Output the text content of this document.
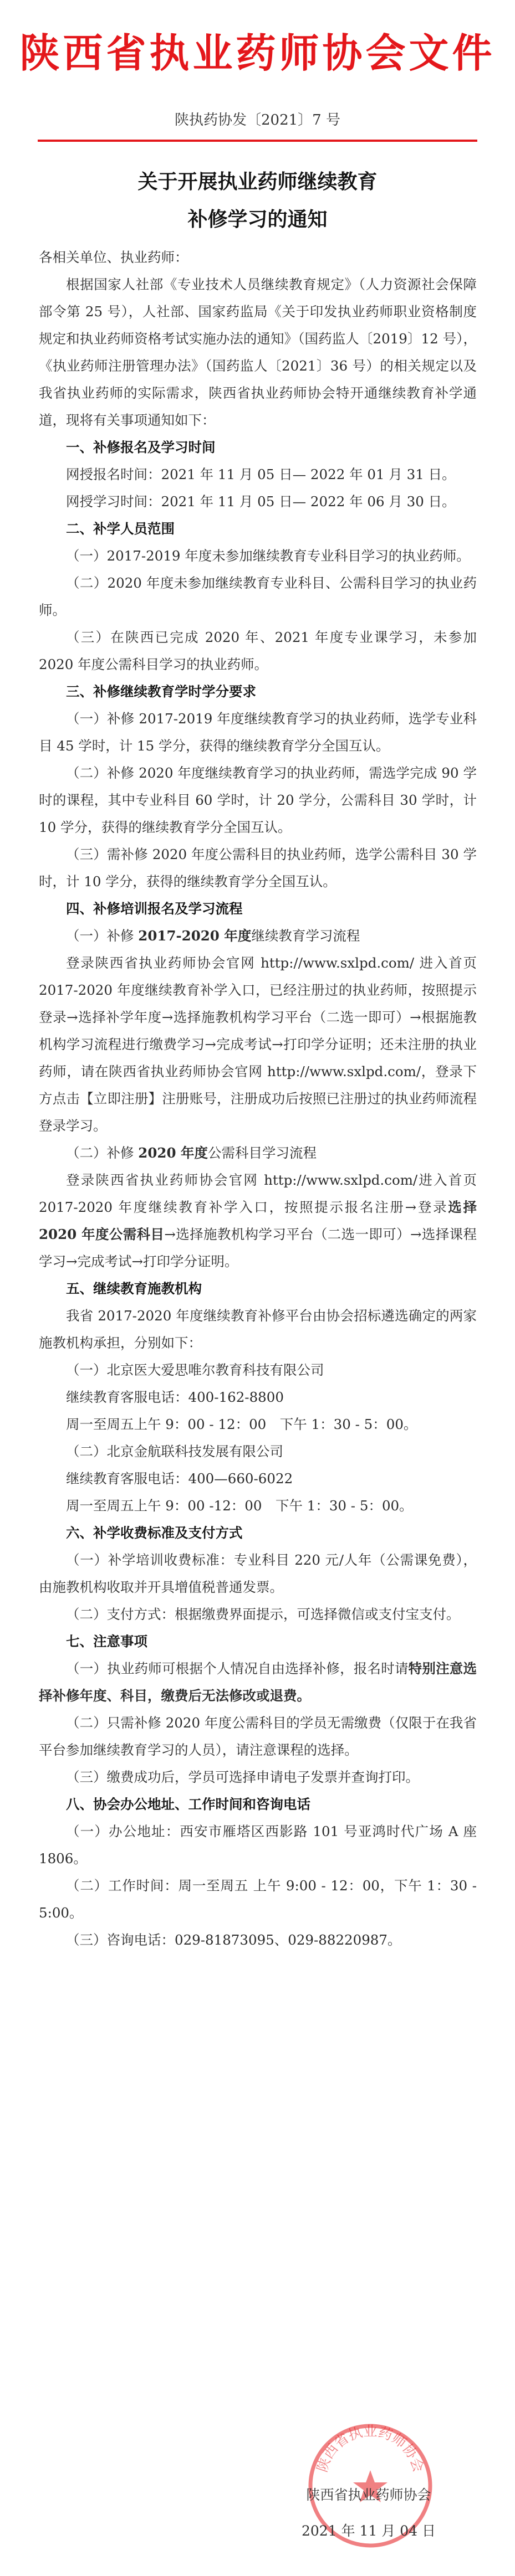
陕西省执业药师协会文件
陕执药协发〔2021〕7 号
关于开展执业药师继续教育
补修学习的通知

各相关单位、执业药师：

根据国家人社部《专业技术人员继续教育规定》（人力资源社会保障部令第 25 号），人社部、国家药监局《关于印发执业药师职业资格制度规定和执业药师资格考试实施办法的通知》（国药监人〔2019〕12 号），《执业药师注册管理办法》（国药监人〔2021〕36 号）的相关规定以及我省执业药师的实际需求，陕西省执业药师协会特开通继续教育补学通道，现将有关事项通知如下：

一、补修报名及学习时间

网授报名时间：2021 年 11 月 05 日— 2022 年 01 月 31 日。

网授学习时间：2021 年 11 月 05 日— 2022 年 06 月 30 日。

二、补学人员范围

（一）2017-2019 年度未参加继续教育专业科目学习的执业药师。

（二）2020 年度未参加继续教育专业科目、公需科目学习的执业药师。

（三）在陕西已完成 2020 年、2021 年度专业课学习，未参加 2020 年度公需科目学习的执业药师。

三、补修继续教育学时学分要求

（一）补修 2017-2019 年度继续教育学习的执业药师，选学专业科目 45 学时，计 15 学分，获得的继续教育学分全国互认。

（二）补修 2020 年度继续教育学习的执业药师，需选学完成 90 学时的课程，其中专业科目 60 学时，计 20 学分，公需科目 30 学时，计 10 学分，获得的继续教育学分全国互认。

（三）需补修 2020 年度公需科目的执业药师，选学公需科目 30 学时，计 10 学分，获得的继续教育学分全国互认。

四、补修培训报名及学习流程

（一）补修 2017-2020 年度继续教育学习流程

登录陕西省执业药师协会官网 http://www.sxlpd.com/ 进入首页 2017-2020 年度继续教育补学入口，已经注册过的执业药师，按照提示登录→选择补学年度→选择施教机构学习平台（二选一即可）→根据施教机构学习流程进行缴费学习→完成考试→打印学分证明；还未注册的执业药师，请在陕西省执业药师协会官网 http://www.sxlpd.com/，登录下方点击【立即注册】注册账号，注册成功后按照已注册过的执业药师流程登录学习。

（二）补修 2020 年度公需科目学习流程

登录陕西省执业药师协会官网 http://www.sxlpd.com/进入首页 2017-2020 年度继续教育补学入口，按照提示报名注册→登录选择 2020 年度公需科目→选择施教机构学习平台（二选一即可）→选择课程学习→完成考试→打印学分证明。

五、继续教育施教机构

我省 2017-2020 年度继续教育补修平台由协会招标遴选确定的两家施教机构承担，分别如下：

（一）北京医大爱思唯尔教育科技有限公司

继续教育客服电话：400-162-8800

周一至周五上午 9：00 - 12：00　下午 1：30 - 5：00。

（二）北京金航联科技发展有限公司

继续教育客服电话：400—660-6022

周一至周五上午 9：00 -12：00　下午 1：30 - 5：00。

六、补学收费标准及支付方式

（一）补学培训收费标准：专业科目 220 元/人年（公需课免费），由施教机构收取并开具增值税普通发票。

（二）支付方式：根据缴费界面提示，可选择微信或支付宝支付。

七、注意事项

（一）执业药师可根据个人情况自由选择补修，报名时请特别注意选择补修年度、科目，缴费后无法修改或退费。

（二）只需补修 2020 年度公需科目的学员无需缴费（仅限于在我省平台参加继续教育学习的人员），请注意课程的选择。

（三）缴费成功后，学员可选择申请电子发票并查询打印。

八、协会办公地址、工作时间和咨询电话

（一）办公地址：西安市雁塔区西影路 101 号亚鸿时代广场 A 座 1806。

（二）工作时间：周一至周五 上午 9:00 - 12：00，下午 1：30 - 5:00。

（三）咨询电话：029-81873095、029-88220987。

陕西省执业药师协会
陕西省执业药师协会
2021 年 11 月 04 日
